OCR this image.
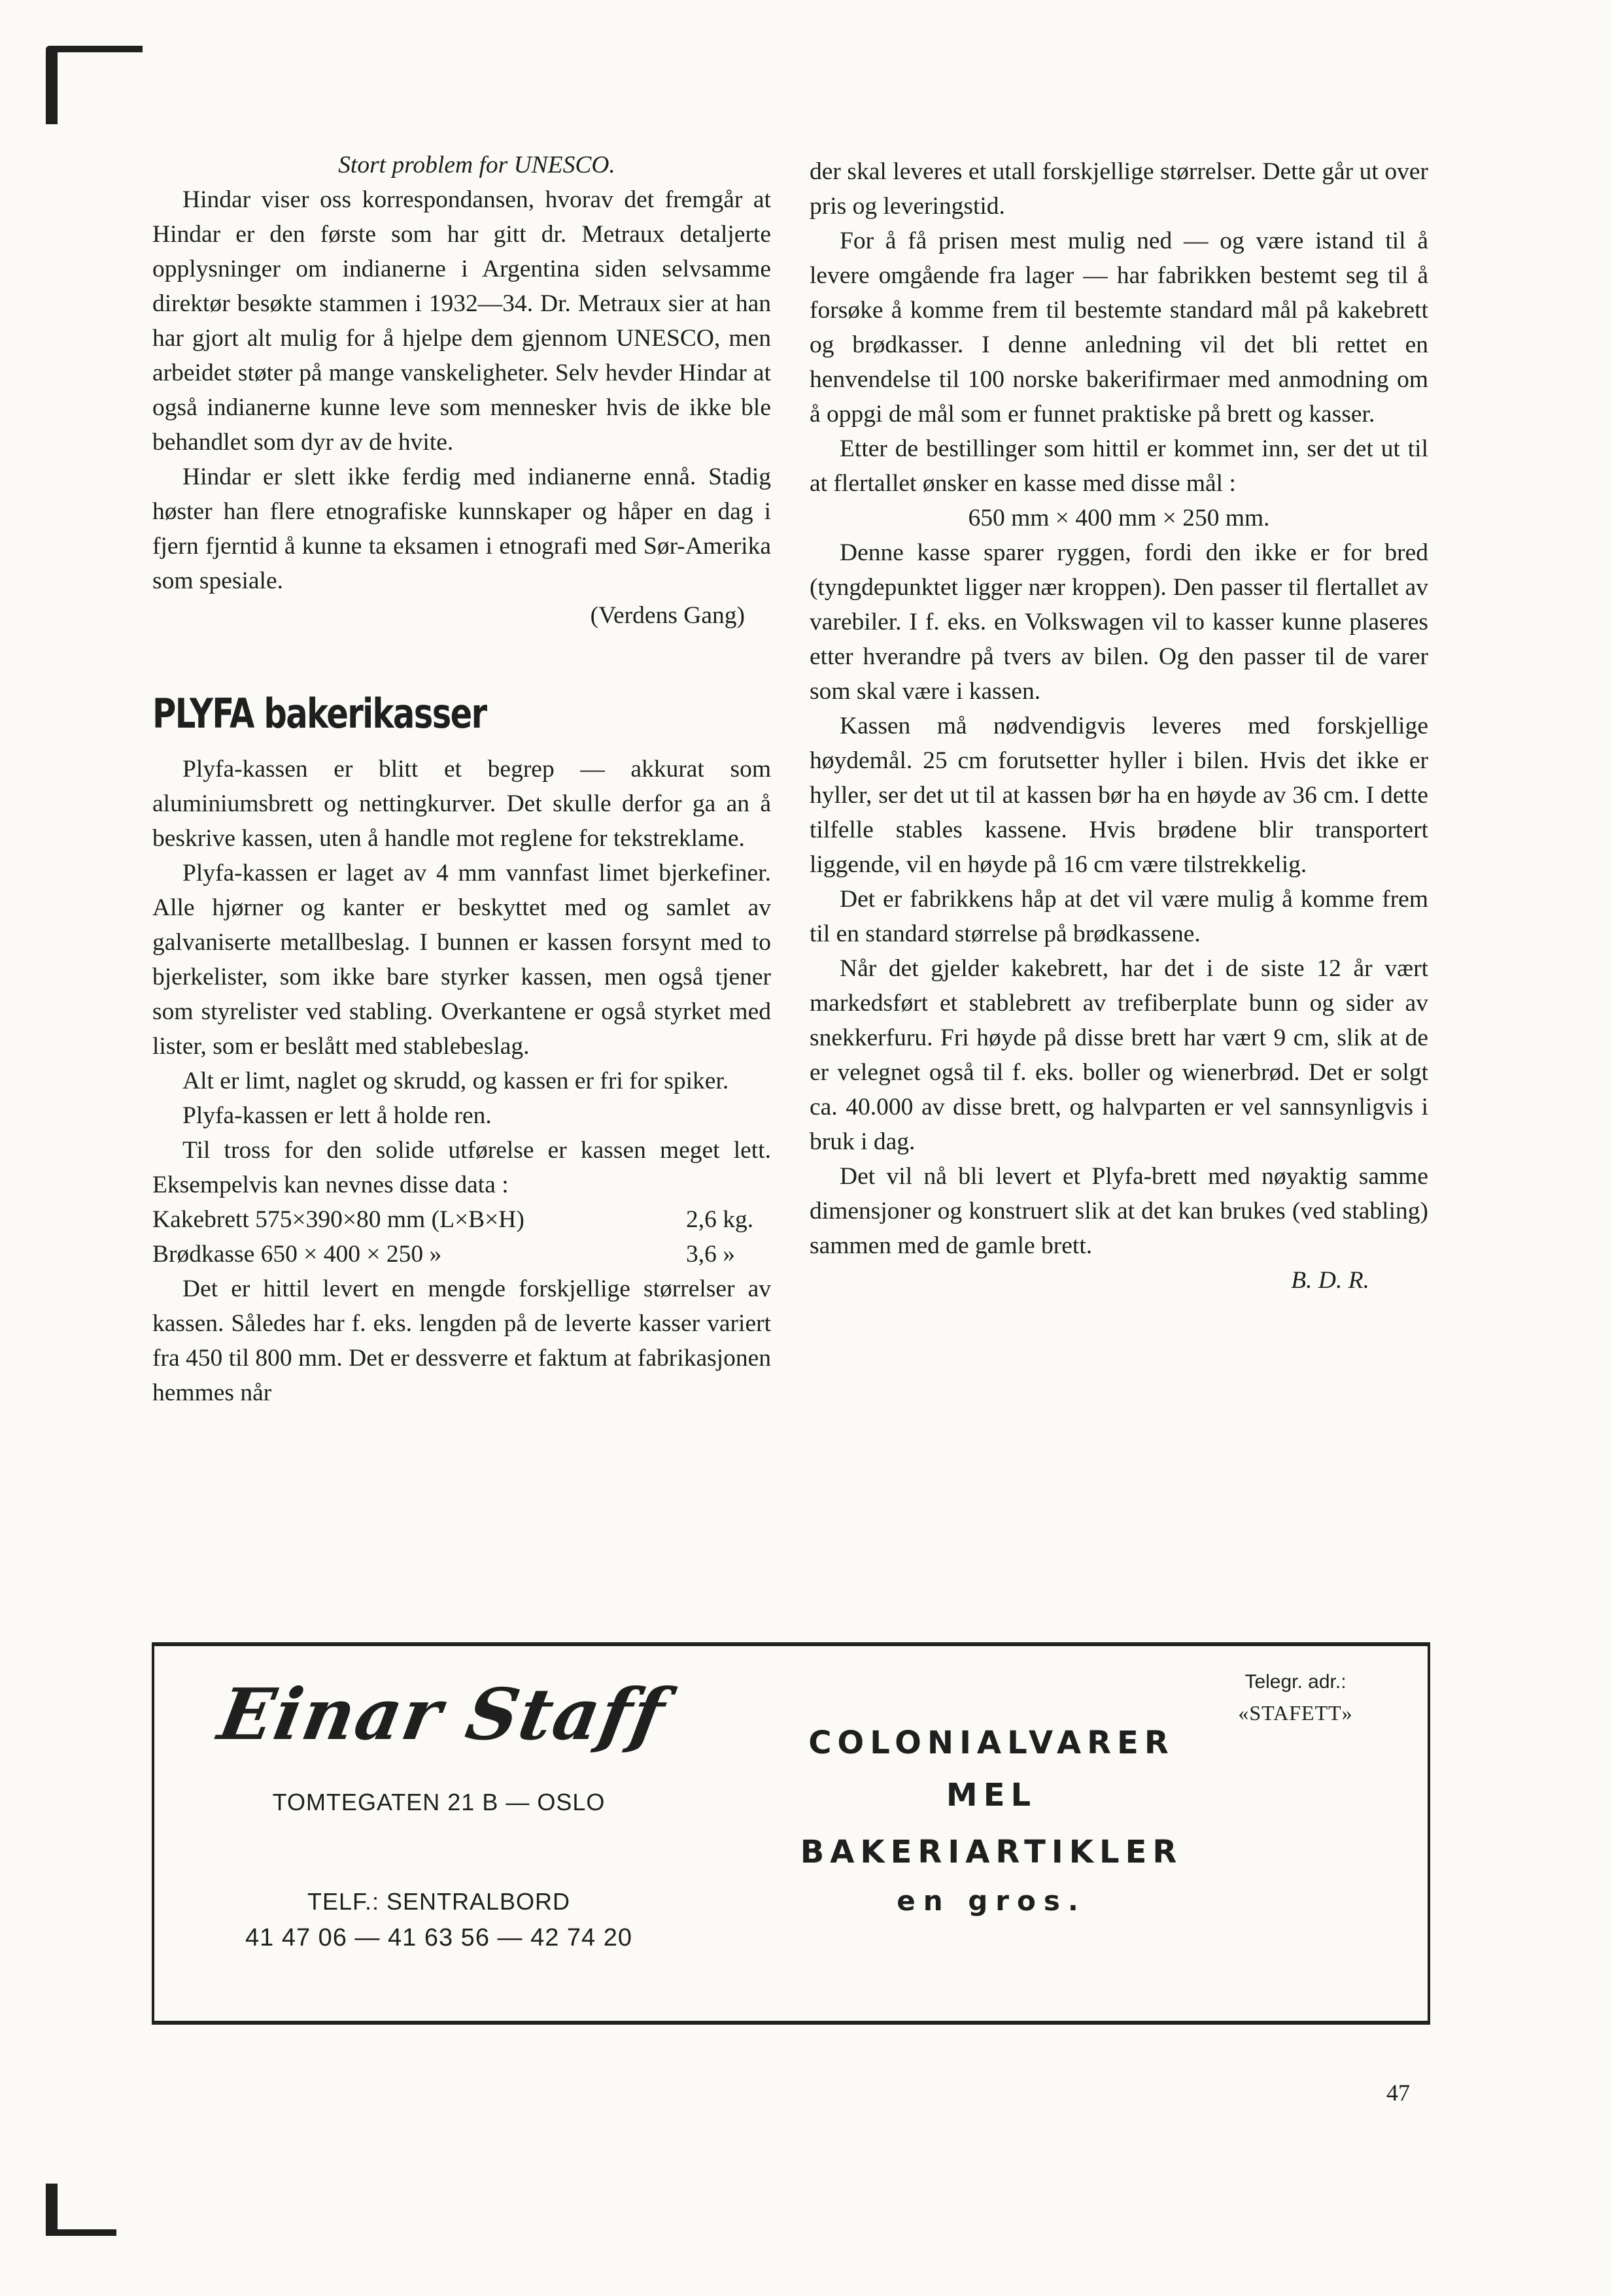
Stort problem for UNESCO.

Hindar viser oss korrespondansen, hvorav det fremgår at Hindar er den første som har gitt dr. Metraux detaljerte opplysninger om indianerne i Argentina siden selvsamme direktør besøkte stammen i 1932—34. Dr. Metraux sier at han har gjort alt mulig for å hjelpe dem gjennom UNESCO, men arbeidet støter på mange vanskeligheter. Selv hevder Hindar at også indianerne kunne leve som mennesker hvis de ikke ble behandlet som dyr av de hvite.

Hindar er slett ikke ferdig med indianerne ennå. Stadig høster han flere etnografiske kunnskaper og håper en dag i fjern fjerntid å kunne ta eksamen i etnografi med Sør-Amerika som spesiale.

(Verdens Gang)

PLYFA bakerikasser

Plyfa-kassen er blitt et begrep — akkurat som aluminiumsbrett og nettingkurver. Det skulle derfor ga an å beskrive kassen, uten å handle mot reglene for tekstreklame.

Plyfa-kassen er laget av 4 mm vannfast limet bjerkefiner. Alle hjørner og kanter er beskyttet med og samlet av galvaniserte metallbeslag. I bunnen er kassen forsynt med to bjerkelister, som ikke bare styrker kassen, men også tjener som styrelister ved stabling. Overkantene er også styrket med lister, som er beslått med stablebeslag.

Alt er limt, naglet og skrudd, og kassen er fri for spiker.

Plyfa-kassen er lett å holde ren.

Til tross for den solide utførelse er kassen meget lett. Eksempelvis kan nevnes disse data :

Kakebrett 575×390×80 mm (L×B×H)	2,6 kg.
Brødkasse 650 × 400 × 250 »	3,6 »

Det er hittil levert en mengde forskjellige størrelser av kassen. Således har f. eks. lengden på de leverte kasser variert fra 450 til 800 mm. Det er dessverre et faktum at fabrikasjonen hemmes når

der skal leveres et utall forskjellige størrelser. Dette går ut over pris og leveringstid.

For å få prisen mest mulig ned — og være istand til å levere omgående fra lager — har fabrikken bestemt seg til å forsøke å komme frem til bestemte standard mål på kakebrett og brødkasser. I denne anledning vil det bli rettet en henvendelse til 100 norske bakerifirmaer med anmodning om å oppgi de mål som er funnet praktiske på brett og kasser.

Etter de bestillinger som hittil er kommet inn, ser det ut til at flertallet ønsker en kasse med disse mål :

650 mm × 400 mm × 250 mm.

Denne kasse sparer ryggen, fordi den ikke er for bred (tyngdepunktet ligger nær kroppen). Den passer til flertallet av varebiler. I f. eks. en Volkswagen vil to kasser kunne plaseres etter hverandre på tvers av bilen. Og den passer til de varer som skal være i kassen.

Kassen må nødvendigvis leveres med forskjellige høydemål. 25 cm forutsetter hyller i bilen. Hvis det ikke er hyller, ser det ut til at kassen bør ha en høyde av 36 cm. I dette tilfelle stables kassene. Hvis brødene blir transportert liggende, vil en høyde på 16 cm være tilstrekkelig.

Det er fabrikkens håp at det vil være mulig å komme frem til en standard størrelse på brødkassene.

Når det gjelder kakebrett, har det i de siste 12 år vært markedsført et stablebrett av trefiberplate bunn og sider av snekkerfuru. Fri høyde på disse brett har vært 9 cm, slik at de er velegnet også til f. eks. boller og wienerbrød. Det er solgt ca. 40.000 av disse brett, og halvparten er vel sannsynligvis i bruk i dag.

Det vil nå bli levert et Plyfa-brett med nøyaktig samme dimensjoner og konstruert slik at det kan brukes (ved stabling) sammen med de gamle brett.

B. D. R.

Einar Staff
TOMTEGATEN 21 B — OSLO
TELF.: SENTRALBORD
41 47 06 — 41 63 56 — 42 74 20
Telegr. adr.:
«STAFETT»
COLONIALVARER
MEL
BAKERIARTIKLER
en gros.
47
